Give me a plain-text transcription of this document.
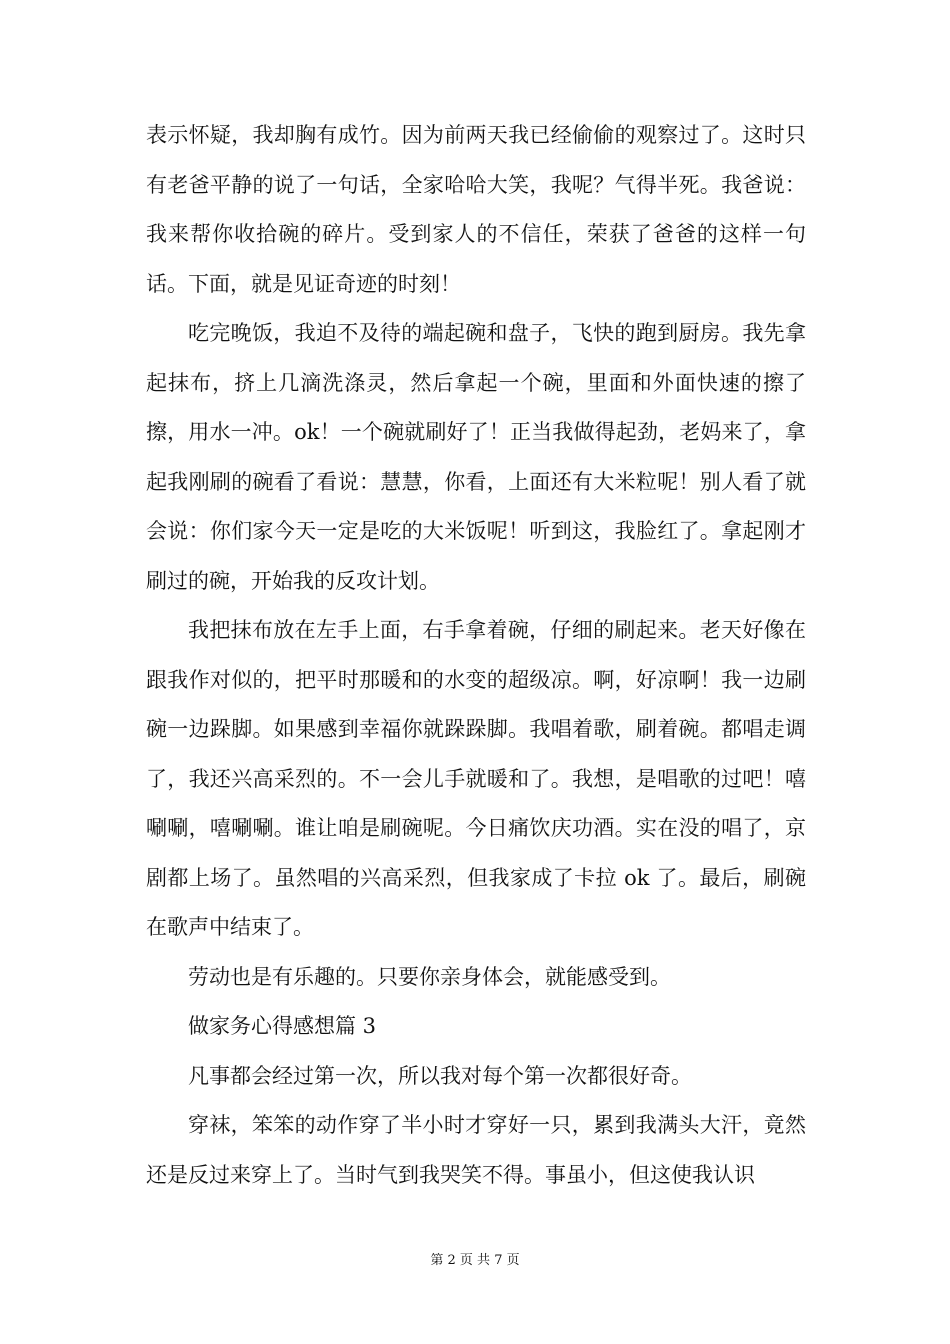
表示怀疑，我却胸有成竹。因为前两天我已经偷偷的观察过了。这时只有老爸平静的说了一句话，全家哈哈大笑，我呢？气得半死。我爸说：我来帮你收拾碗的碎片。受到家人的不信任，荣获了爸爸的这样一句话。下面，就是见证奇迹的时刻！

吃完晚饭，我迫不及待的端起碗和盘子，飞快的跑到厨房。我先拿起抹布，挤上几滴洗涤灵，然后拿起一个碗，里面和外面快速的擦了擦，用水一冲。ok！一个碗就刷好了！正当我做得起劲，老妈来了，拿起我刚刷的碗看了看说：慧慧，你看，上面还有大米粒呢！别人看了就会说：你们家今天一定是吃的大米饭呢！听到这，我脸红了。拿起刚才刷过的碗，开始我的反攻计划。

我把抹布放在左手上面，右手拿着碗，仔细的刷起来。老天好像在跟我作对似的，把平时那暖和的水变的超级凉。啊，好凉啊！我一边刷碗一边跺脚。如果感到幸福你就跺跺脚。我唱着歌，刷着碗。都唱走调了，我还兴高采烈的。不一会儿手就暖和了。我想，是唱歌的过吧！嘻唰唰，嘻唰唰。谁让咱是刷碗呢。今日痛饮庆功酒。实在没的唱了，京剧都上场了。虽然唱的兴高采烈，但我家成了卡拉 ok 了。最后，刷碗在歌声中结束了。

劳动也是有乐趣的。只要你亲身体会，就能感受到。

做家务心得感想篇 3

凡事都会经过第一次，所以我对每个第一次都很好奇。

穿袜，笨笨的动作穿了半小时才穿好一只，累到我满头大汗，竟然还是反过来穿上了。当时气到我哭笑不得。事虽小，但这使我认识

第 2 页 共 7 页
